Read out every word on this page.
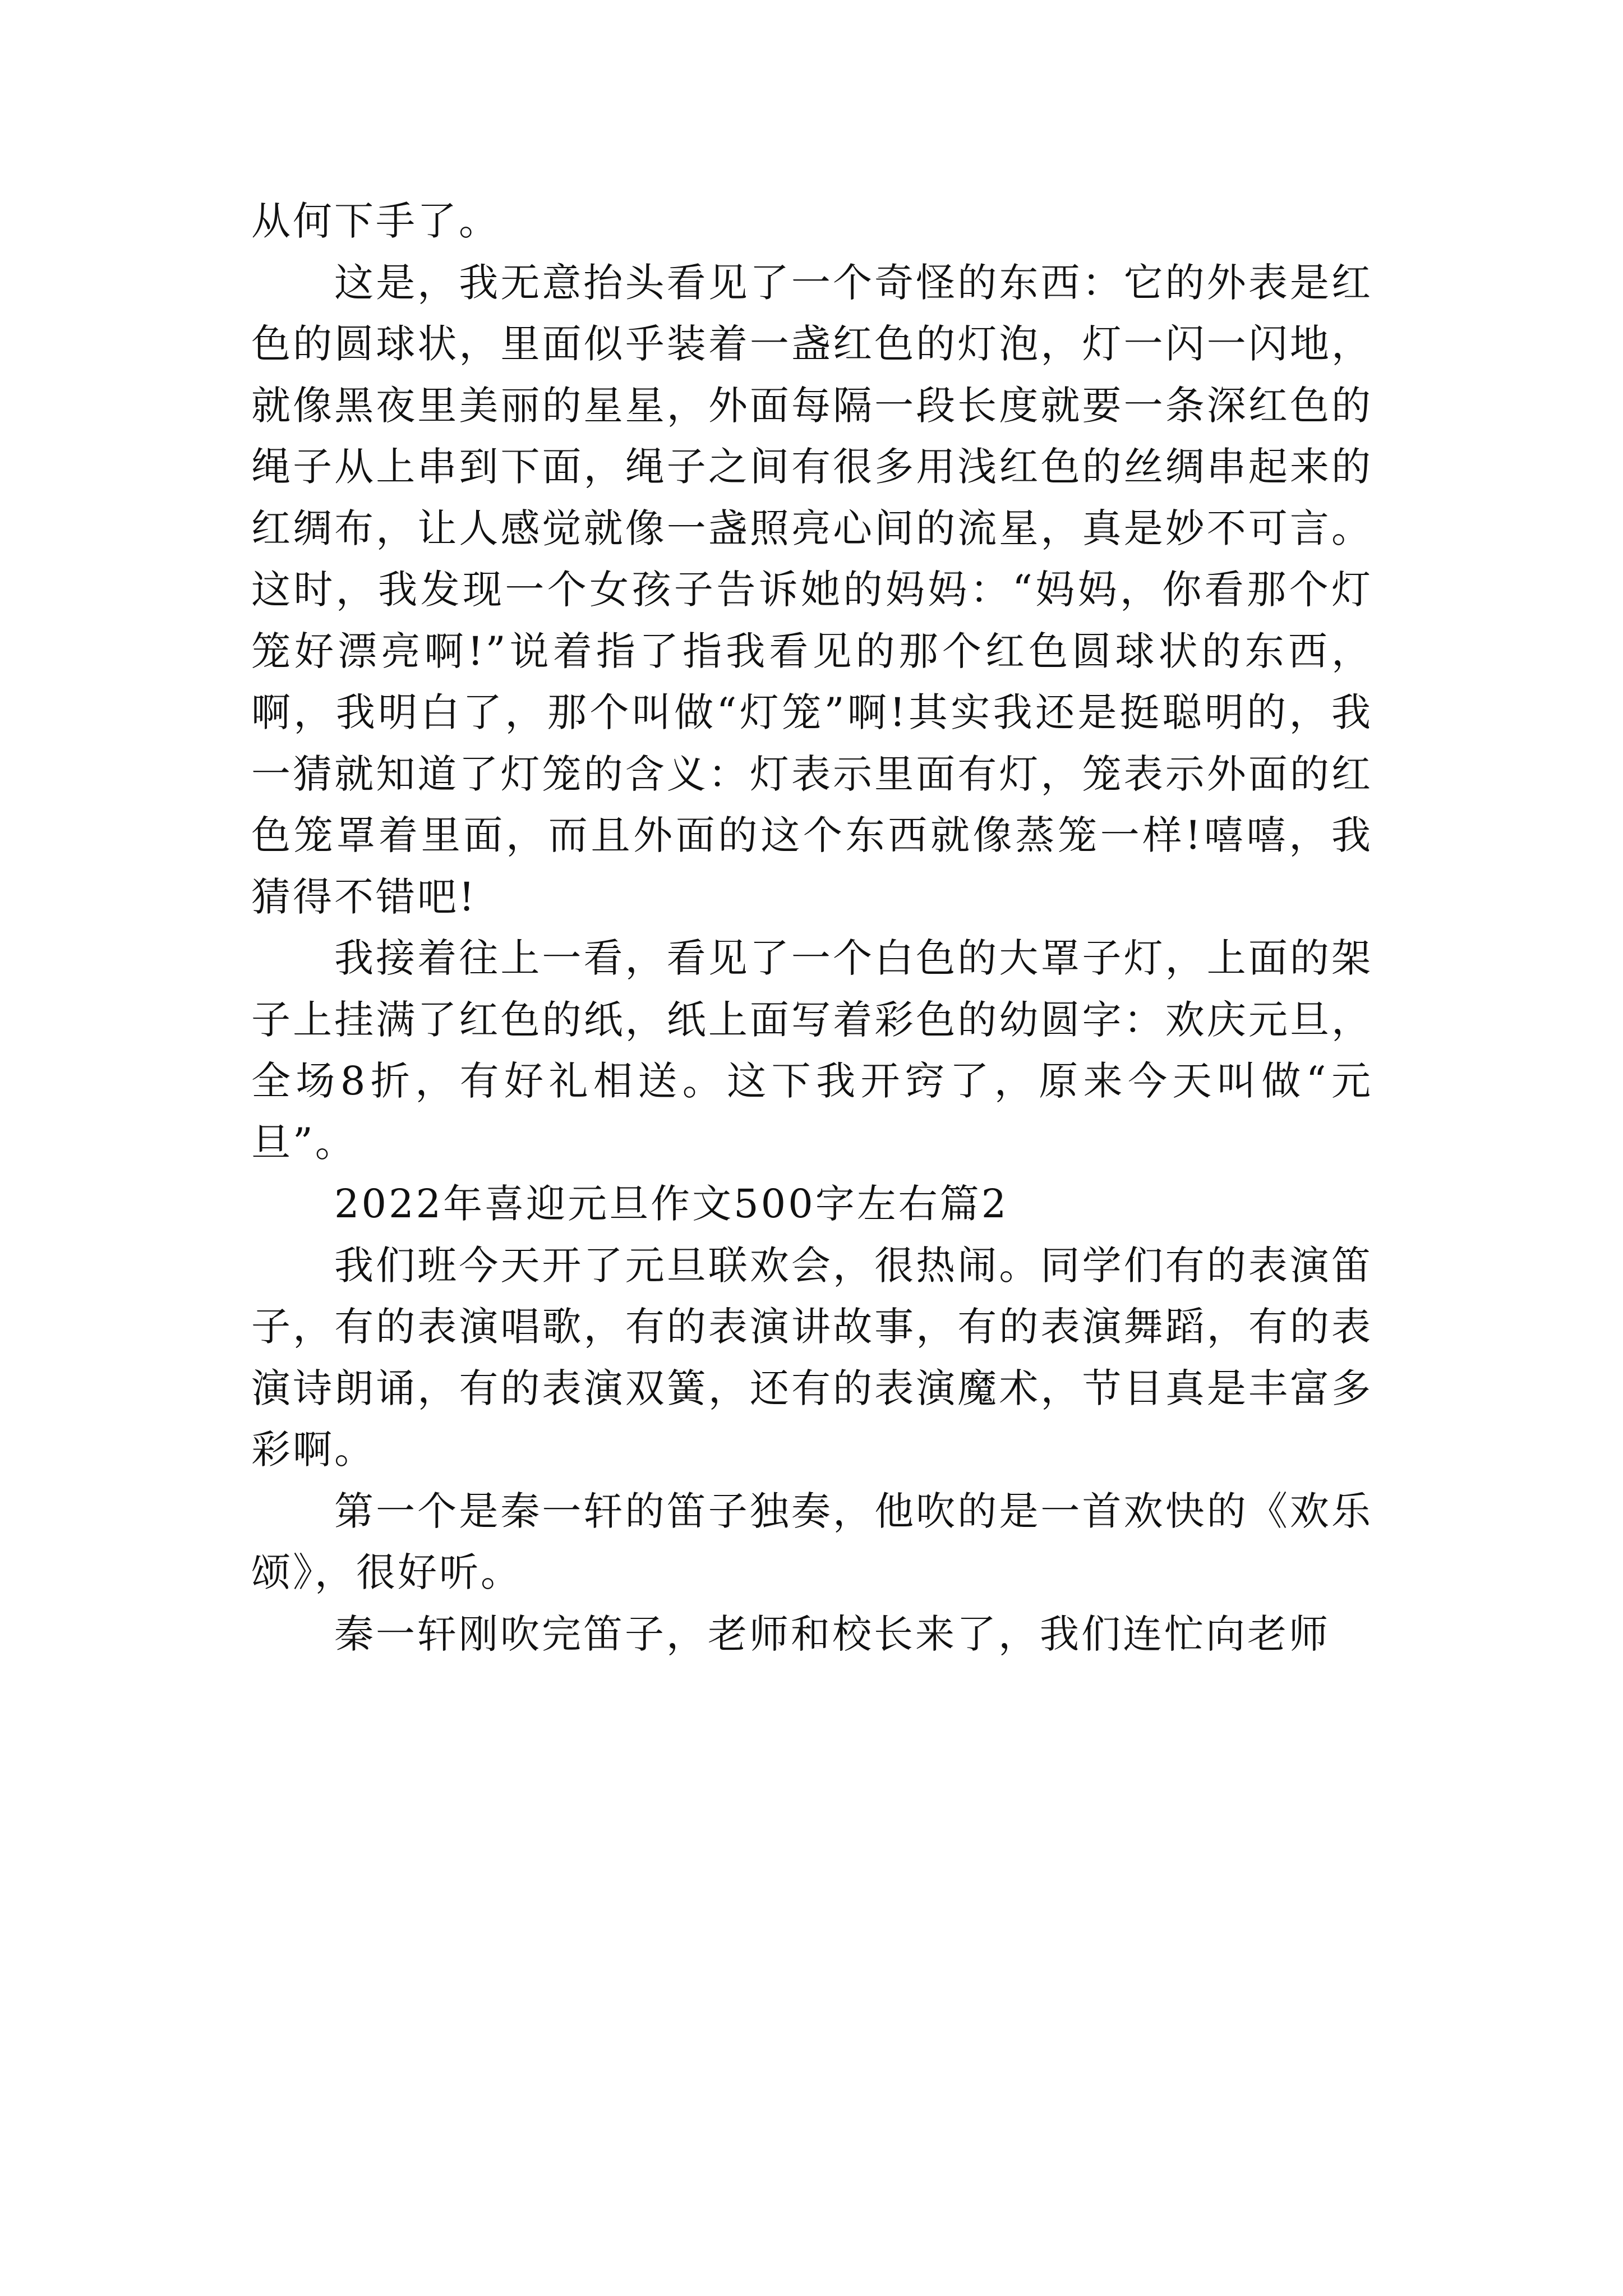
从何下手了。

这是，我无意抬头看见了一个奇怪的东西：它的外表是红色的圆球状，里面似乎装着一盏红色的灯泡，灯一闪一闪地，就像黑夜里美丽的星星，外面每隔一段长度就要一条深红色的绳子从上串到下面，绳子之间有很多用浅红色的丝绸串起来的红绸布，让人感觉就像一盏照亮心间的流星，真是妙不可言。这时，我发现一个女孩子告诉她的妈妈：“妈妈，你看那个灯笼好漂亮啊!”说着指了指我看见的那个红色圆球状的东西，啊，我明白了，那个叫做“灯笼”啊!其实我还是挺聪明的，我一猜就知道了灯笼的含义：灯表示里面有灯，笼表示外面的红色笼罩着里面，而且外面的这个东西就像蒸笼一样!嘻嘻，我猜得不错吧!

我接着往上一看，看见了一个白色的大罩子灯，上面的架子上挂满了红色的纸，纸上面写着彩色的幼圆字：欢庆元旦，全场8折，有好礼相送。这下我开窍了，原来今天叫做“元旦”。

2022年喜迎元旦作文500字左右篇2

我们班今天开了元旦联欢会，很热闹。同学们有的表演笛子，有的表演唱歌，有的表演讲故事，有的表演舞蹈，有的表演诗朗诵，有的表演双簧，还有的表演魔术，节目真是丰富多彩啊。

第一个是秦一轩的笛子独奏，他吹的是一首欢快的《欢乐颂》，很好听。

秦一轩刚吹完笛子，老师和校长来了，我们连忙向老师
